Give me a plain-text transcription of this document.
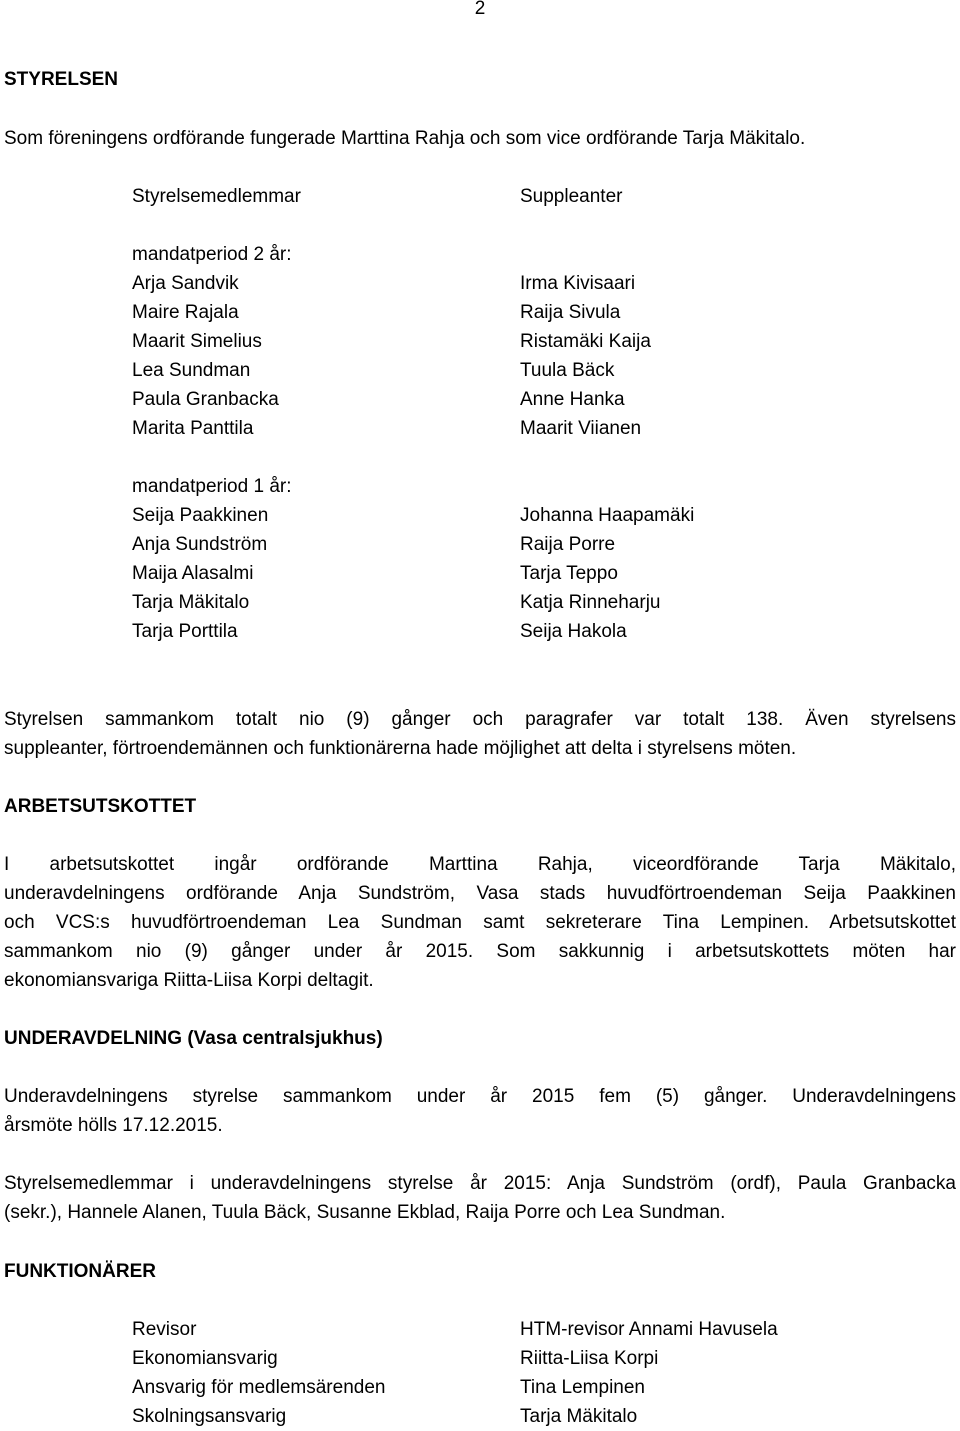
2
STYRELSEN
Som föreningens ordförande fungerade Marttina Rahja och som vice ordförande Tarja Mäkitalo.
Styrelsemedlemmar	Suppleanter
mandatperiod 2 år:
Arja Sandvik
Maire Rajala
Maarit Simelius
Lea Sundman
Paula Granbacka
Marita Panttila
Irma Kivisaari
Raija Sivula
Ristamäki Kaija
Tuula Bäck
Anne Hanka
Maarit Viianen
mandatperiod 1 år:
Seija Paakkinen
Anja Sundström
Maija Alasalmi
Tarja Mäkitalo
Tarja Porttila
Johanna Haapamäki
Raija Porre
Tarja Teppo
Katja Rinneharju
Seija Hakola
Styrelsen sammankom totalt nio (9) gånger och paragrafer var totalt 138. Även styrelsens
suppleanter, förtroendemännen och funktionärerna hade möjlighet att delta i styrelsens möten.
ARBETSUTSKOTTET
I arbetsutskottet ingår ordförande Marttina Rahja, viceordförande Tarja Mäkitalo,
underavdelningens ordförande Anja Sundström, Vasa stads huvudförtroendeman Seija Paakkinen
och VCS:s huvudförtroendeman Lea Sundman samt sekreterare Tina Lempinen. Arbetsutskottet
sammankom nio (9) gånger under år 2015. Som sakkunnig i arbetsutskottets möten har
ekonomiansvariga Riitta-Liisa Korpi deltagit.
UNDERAVDELNING (Vasa centralsjukhus)
Underavdelningens styrelse sammankom under år 2015 fem (5) gånger. Underavdelningens
årsmöte hölls 17.12.2015.
Styrelsemedlemmar i underavdelningens styrelse år 2015: Anja Sundström (ordf), Paula Granbacka
(sekr.), Hannele Alanen, Tuula Bäck, Susanne Ekblad, Raija Porre och Lea Sundman.
FUNKTIONÄRER
Revisor
Ekonomiansvarig
Ansvarig för medlemsärenden
Skolningsansvarig
HTM-revisor Annami Havusela
Riitta-Liisa Korpi
Tina Lempinen
Tarja Mäkitalo
